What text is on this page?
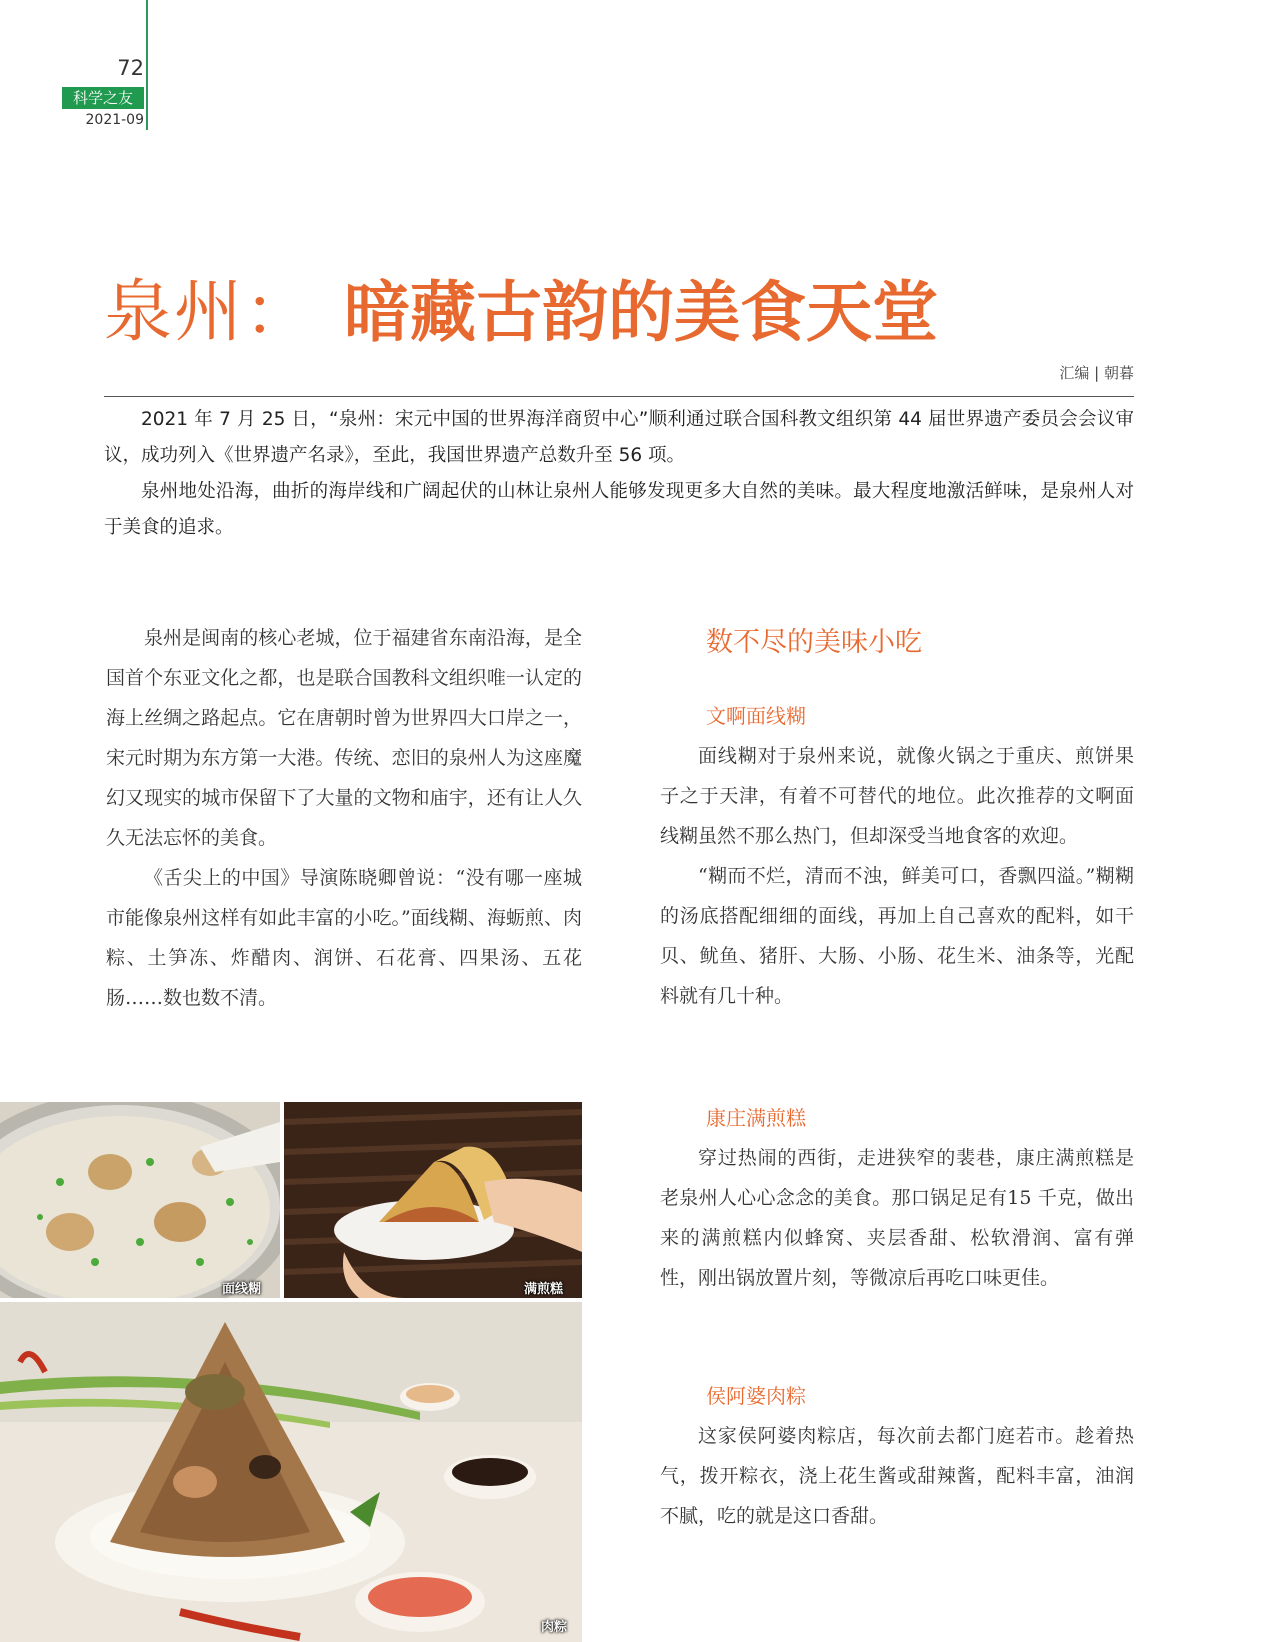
72
科学之友
2021-09
泉州： 暗藏古韵的美食天堂
汇编 | 朝暮

2021 年 7 月 25 日，“泉州：宋元中国的世界海洋商贸中心”顺利通过联合国科教文组织第 44 届世界遗产委员会会议审议，成功列入《世界遗产名录》，至此，我国世界遗产总数升至 56 项。

泉州地处沿海，曲折的海岸线和广阔起伏的山林让泉州人能够发现更多大自然的美味。最大程度地激活鲜味，是泉州人对于美食的追求。

泉州是闽南的核心老城，位于福建省东南沿海，是全国首个东亚文化之都，也是联合国教科文组织唯一认定的海上丝绸之路起点。它在唐朝时曾为世界四大口岸之一，宋元时期为东方第一大港。传统、恋旧的泉州人为这座魔幻又现实的城市保留下了大量的文物和庙宇，还有让人久久无法忘怀的美食。

《舌尖上的中国》导演陈晓卿曾说：“没有哪一座城市能像泉州这样有如此丰富的小吃。”面线糊、海蛎煎、肉粽、土笋冻、炸醋肉、润饼、石花膏、四果汤、五花肠……数也数不清。

数不尽的美味小吃
文啊面线糊

面线糊对于泉州来说，就像火锅之于重庆、煎饼果子之于天津，有着不可替代的地位。此次推荐的文啊面线糊虽然不那么热门，但却深受当地食客的欢迎。

“糊而不烂，清而不浊，鲜美可口，香飘四溢。”糊糊的汤底搭配细细的面线，再加上自己喜欢的配料，如干贝、鱿鱼、猪肝、大肠、小肠、花生米、油条等，光配料就有几十种。

康庄满煎糕

穿过热闹的西街，走进狭窄的裴巷，康庄满煎糕是老泉州人心心念念的美食。那口锅足足有15 千克，做出来的满煎糕内似蜂窝、夹层香甜、松软滑润、富有弹性，刚出锅放置片刻，等微凉后再吃口味更佳。

侯阿婆肉粽

这家侯阿婆肉粽店，每次前去都门庭若市。趁着热气，拨开粽衣，浇上花生酱或甜辣酱，配料丰富，油润不腻，吃的就是这口香甜。

面线糊	满煎糕
肉粽
